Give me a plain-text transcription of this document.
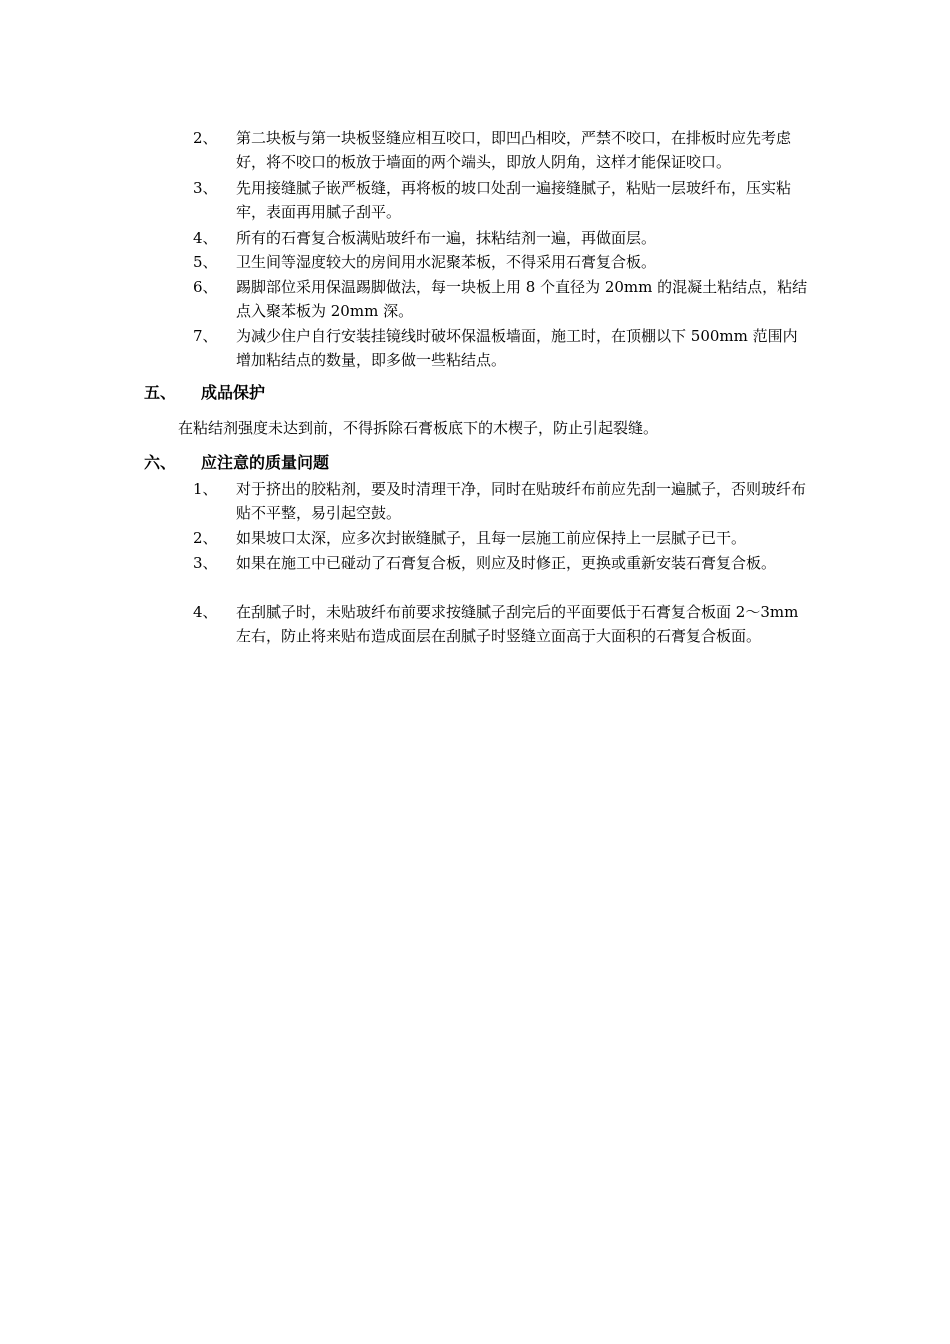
2、 第二块板与第一块板竖缝应相互咬口，即凹凸相咬，严禁不咬口，在排板时应先考虑好，将不咬口的板放于墙面的两个端头，即放人阴角，这样才能保证咬口。
3、 先用接缝腻子嵌严板缝，再将板的坡口处刮一遍接缝腻子，粘贴一层玻纤布，压实粘牢，表面再用腻子刮平。
4、 所有的石膏复合板满贴玻纤布一遍，抹粘结剂一遍，再做面层。
5、 卫生间等湿度较大的房间用水泥聚苯板，不得采用石膏复合板。
6、 踢脚部位采用保温踢脚做法，每一块板上用 8 个直径为 20mm 的混凝土粘结点，粘结点入聚苯板为 20mm 深。
7、 为减少住户自行安装挂镜线时破坏保温板墙面，施工时，在顶棚以下 500mm 范围内增加粘结点的数量，即多做一些粘结点。
五、 成品保护
在粘结剂强度未达到前，不得拆除石膏板底下的木楔子，防止引起裂缝。
六、 应注意的质量问题
1、 对于挤出的胶粘剂，要及时清理干净，同时在贴玻纤布前应先刮一遍腻子，否则玻纤布贴不平整，易引起空鼓。
2、 如果坡口太深，应多次封嵌缝腻子，且每一层施工前应保持上一层腻子已干。
3、 如果在施工中已碰动了石膏复合板，则应及时修正，更换或重新安装石膏复合板。
4、 在刮腻子时，未贴玻纤布前要求按缝腻子刮完后的平面要低于石膏复合板面 2～3mm 左右，防止将来贴布造成面层在刮腻子时竖缝立面高于大面积的石膏复合板面。
